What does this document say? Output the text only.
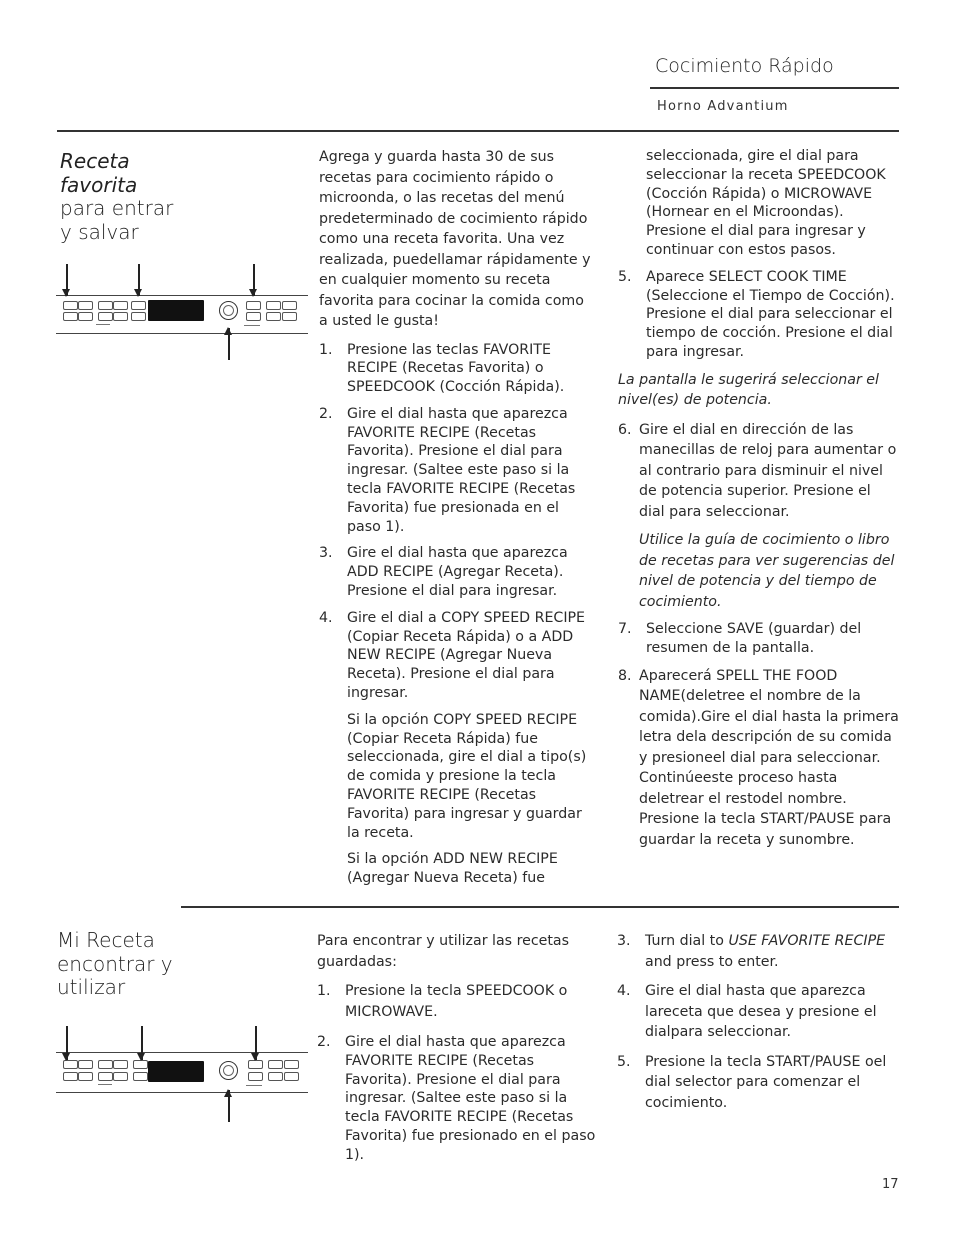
Cocimiento Rápido
Horno Advantium
Receta
favorita
para entrar
y salvar

Agrega y guarda hasta 30 de sus recetas para cocimiento rápido o microonda, o las recetas del menú predeterminado de cocimiento rápido como una receta favorita. Una vez realizada, puedellamar rápidamente y en cualquier momento su receta favorita para cocinar la comida como a usted le gusta!

1. Presione las teclas FAVORITE RECIPE (Recetas Favorita) o SPEEDCOOK (Cocción Rápida).
2. Gire el dial hasta que aparezca FAVORITE RECIPE (Recetas Favorita). Presione el dial para ingresar. (Saltee este paso si la tecla FAVORITE RECIPE (Recetas Favorita) fue presionada en el paso 1).
3. Gire el dial hasta que aparezca ADD RECIPE (Agregar Receta). Presione el dial para ingresar.
4. Gire el dial a COPY SPEED RECIPE (Copiar Receta Rápida) o a ADD NEW RECIPE (Agregar Nueva Receta). Presione el dial para ingresar.

Si la opción COPY SPEED RECIPE (Copiar Receta Rápida) fue seleccionada, gire el dial a tipo(s) de comida y presione la tecla FAVORITE RECIPE (Recetas Favorita) para ingresar y guardar la receta.

Si la opción ADD NEW RECIPE (Agregar Nueva Receta) fue

seleccionada, gire el dial para seleccionar la receta SPEEDCOOK (Cocción Rápida) o MICROWAVE (Hornear en el Microondas). Presione el dial para ingresar y continuar con estos pasos.

5. Aparece SELECT COOK TIME (Seleccione el Tiempo de Cocción). Presione el dial para seleccionar el tiempo de cocción. Presione el dial para ingresar.

La pantalla le sugerirá seleccionar el nivel(es) de potencia.

6. Gire el dial en dirección de las manecillas de reloj para aumentar o al contrario para disminuir el nivel de potencia superior. Presione el dial para seleccionar.

Utilice la guía de cocimiento o libro de recetas para ver sugerencias del nivel de potencia y del tiempo de cocimiento.

7. Seleccione SAVE (guardar) del resumen de la pantalla.
8. Aparecerá SPELL THE FOOD NAME(deletree el nombre de la comida).Gire el dial hasta la primera letra dela descripción de su comida y presioneel dial para seleccionar. Continúeeste proceso hasta deletrear el restodel nombre. Presione la tecla START/PAUSE para guardar la receta y sunombre.
Mi Receta
encontrar y
utilizar

Para encontrar y utilizar las recetas guardadas:

1. Presione la tecla SPEEDCOOK o MICROWAVE.
2. Gire el dial hasta que aparezca FAVORITE RECIPE (Recetas Favorita). Presione el dial para ingresar. (Saltee este paso si la tecla FAVORITE RECIPE (Recetas Favorita) fue presionado en el paso 1).
3. Turn dial to USE FAVORITE RECIPE and press to enter.
4. Gire el dial hasta que aparezca lareceta que desea y presione el dialpara seleccionar.
5. Presione la tecla START/PAUSE oel dial selector para comenzar el cocimiento.
17
